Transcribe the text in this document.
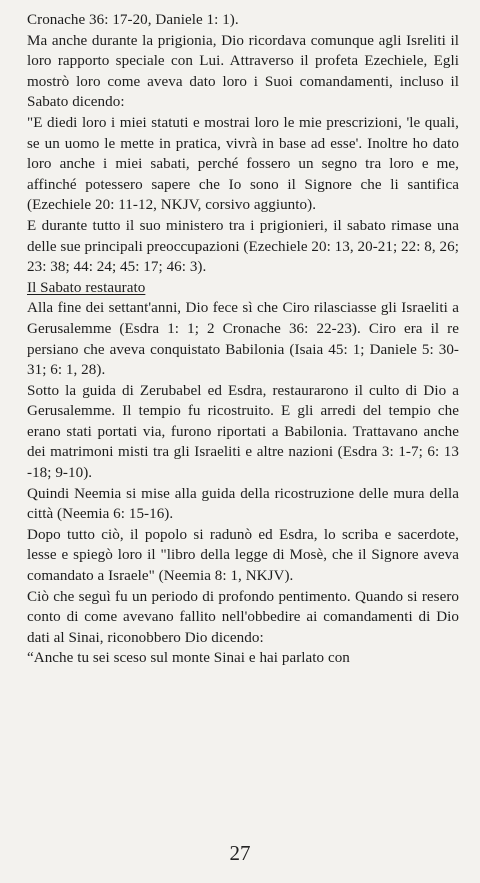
Cronache 36: 17-20, Daniele 1: 1).

Ma anche durante la prigionia, Dio ricordava comunque agli Isreliti il loro rapporto speciale con Lui. Attraverso il profeta Ezechiele, Egli mostrò loro come aveva dato loro i Suoi comandamenti, incluso il Sabato dicendo:

"E diedi loro i miei statuti e mostrai loro le mie prescrizioni, 'le quali, se un uomo le mette in pratica, vivrà in base ad esse'. Inoltre ho dato loro anche i miei sabati, perché fossero un segno tra loro e me, affinché potessero sapere che Io sono il Signore che li santifica (Ezechiele 20: 11-12, NKJV, corsivo aggiunto).

E durante tutto il suo ministero tra i prigionieri, il sabato rimase una delle sue principali preoccupazioni (Ezechiele 20: 13, 20-21; 22: 8, 26; 23: 38; 44: 24; 45: 17; 46: 3).

Il Sabato restaurato

Alla fine dei settant'anni, Dio fece sì che Ciro rilasciasse gli Israeliti a Gerusalemme (Esdra 1: 1; 2 Cronache 36: 22-23). Ciro era il re persiano che aveva conquistato Babilonia (Isaia 45: 1; Daniele 5: 30-31; 6: 1, 28).

Sotto la guida di Zerubabel ed Esdra, restaurarono il culto di Dio a Gerusalemme. Il tempio fu ricostruito. E gli arredi del tempio che erano stati portati via, furono riportati a Babilonia. Trattavano anche dei matrimoni misti tra gli Israeliti e altre nazioni (Esdra 3: 1-7; 6: 13 -18; 9-10).

Quindi Neemia si mise alla guida della ricostruzione delle mura della città (Neemia 6: 15-16).

Dopo tutto ciò, il popolo si radunò ed Esdra, lo scriba e sacerdote, lesse e spiegò loro il "libro della legge di Mosè, che il Signore aveva comandato a Israele" (Neemia 8: 1, NKJV).

Ciò che seguì fu un periodo di profondo pentimento. Quando si resero conto di come avevano fallito nell'obbedire ai comandamenti di Dio dati al Sinai, riconobbero Dio dicendo:

“Anche tu sei sceso sul monte Sinai e hai parlato con

27
